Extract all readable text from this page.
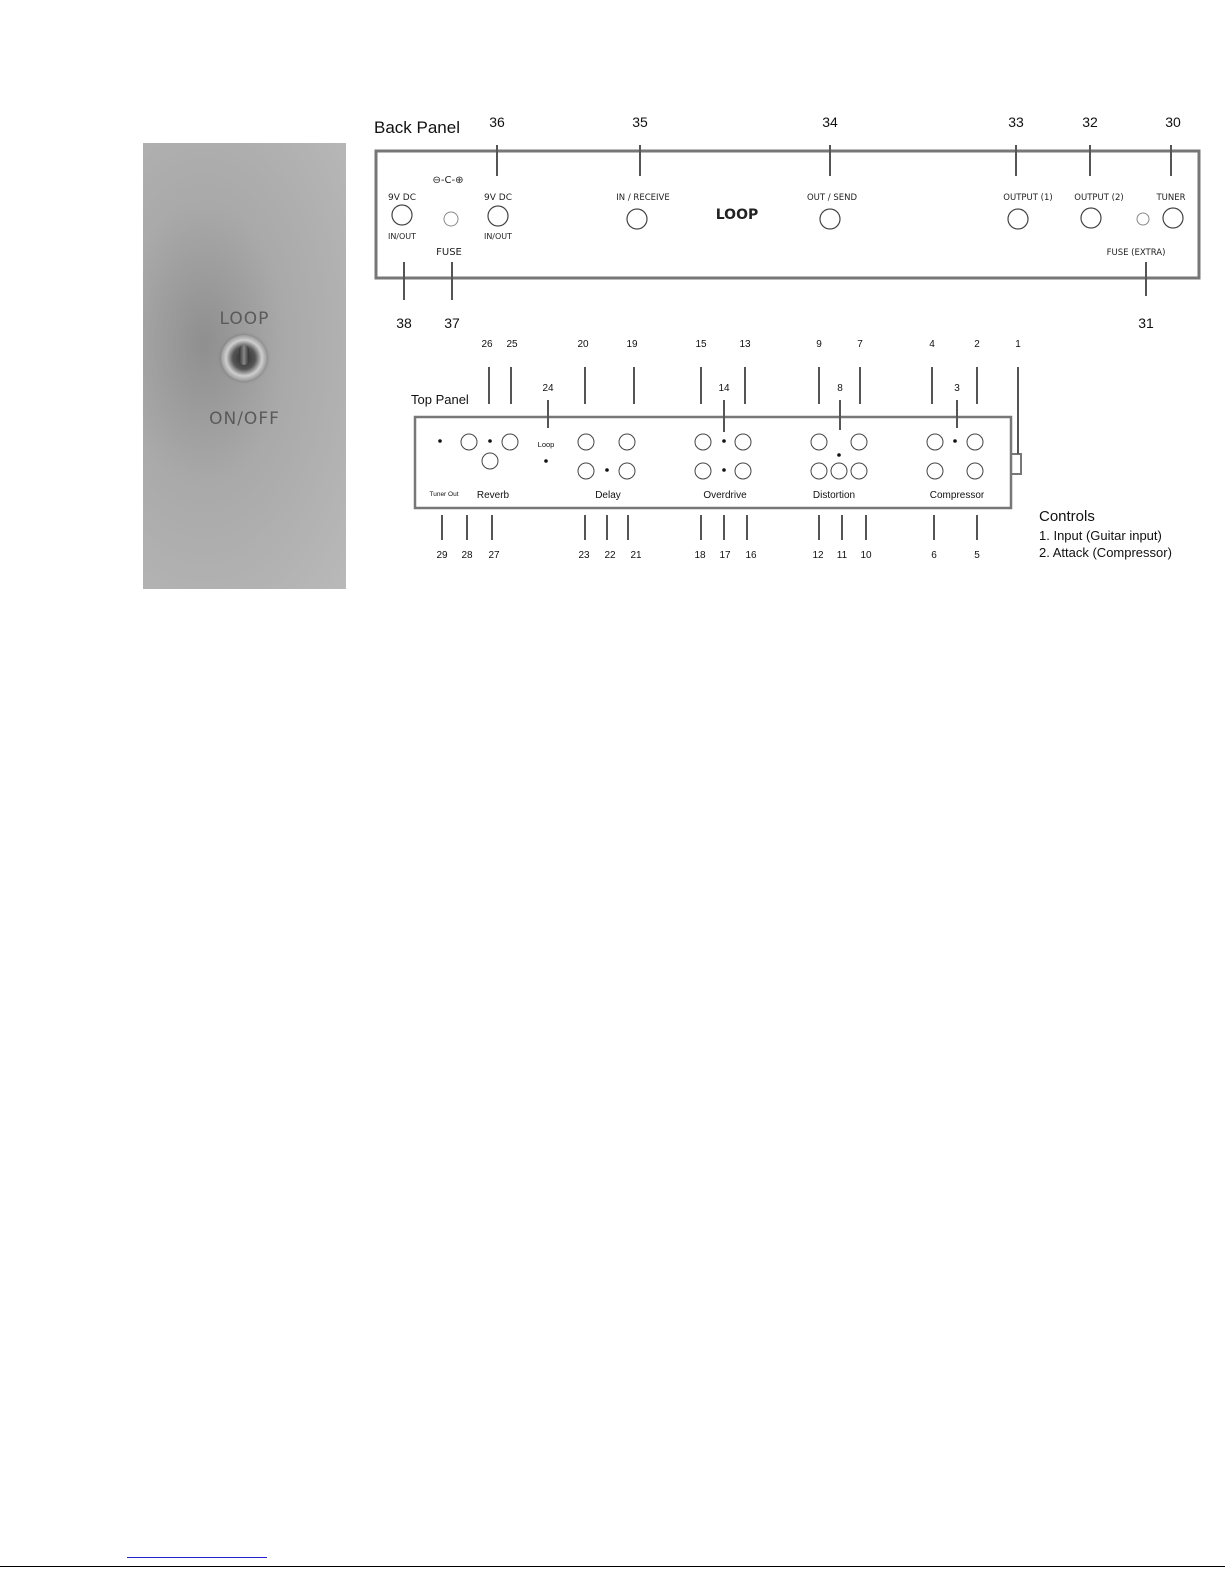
LOOP
ON/OFF
Back Panel 36	35	34	33	32	30
9V DC
IN/OUT
⊖-C-⊕
FUSE
9V DC
IN/OUT
IN / RECEIVE
LOOP
OUT / SEND	OUTPUT (1)	OUTPUT (2)	TUNER
FUSE (EXTRA)
38 37	31
Top Panel
26 25	20	19	15	13	9	7	4	2	1
24	14	8	3
Tuner Out Reverb
Loop
Delay	Overdrive	Distortion	Compressor
29 28 27	23 22 21	18 17 16	12 11 10	6	5
Controls
1. Input (Guitar input)
2. Attack (Compressor)
